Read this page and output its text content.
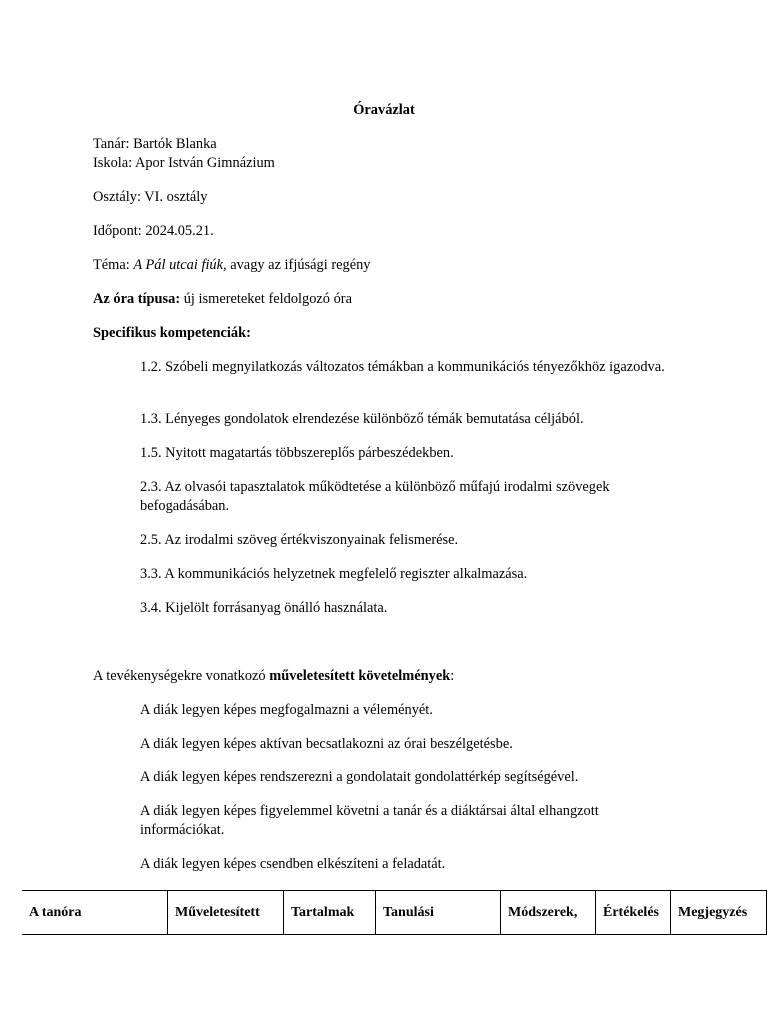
Óravázlat
Tanár: Bartók Blanka
Iskola: Apor István Gimnázium
Osztály: VI. osztály
Időpont: 2024.05.21.
Téma: A Pál utcai fiúk, avagy az ifjúsági regény
Az óra típusa: új ismereteket feldolgozó óra
Specifikus kompetenciák:
1.2. Szóbeli megnyilatkozás változatos témákban a kommunikációs tényezőkhöz igazodva.
1.3. Lényeges gondolatok elrendezése különböző témák bemutatása céljából.
1.5. Nyitott magatartás többszereplős párbeszédekben.
2.3. Az olvasói tapasztalatok működtetése a különböző műfajú irodalmi szövegek befogadásában.
2.5. Az irodalmi szöveg értékviszonyainak felismerése.
3.3. A kommunikációs helyzetnek megfelelő regiszter alkalmazása.
3.4. Kijelölt forrásanyag önálló használata.
A tevékenységekre vonatkozó műveletesített követelmények:
A diák legyen képes megfogalmazni a véleményét.
A diák legyen képes aktívan becsatlakozni az órai beszélgetésbe.
A diák legyen képes rendszerezni a gondolatait gondolattérkép segítségével.
A diák legyen képes figyelemmel követni a tanár és a diáktársai által elhangzott információkat.
A diák legyen képes csendben elkészíteni a feladatát.
A tanóra	Műveletesített	Tartalmak	Tanulási	Módszerek,	Értékelés	Megjegyzés
